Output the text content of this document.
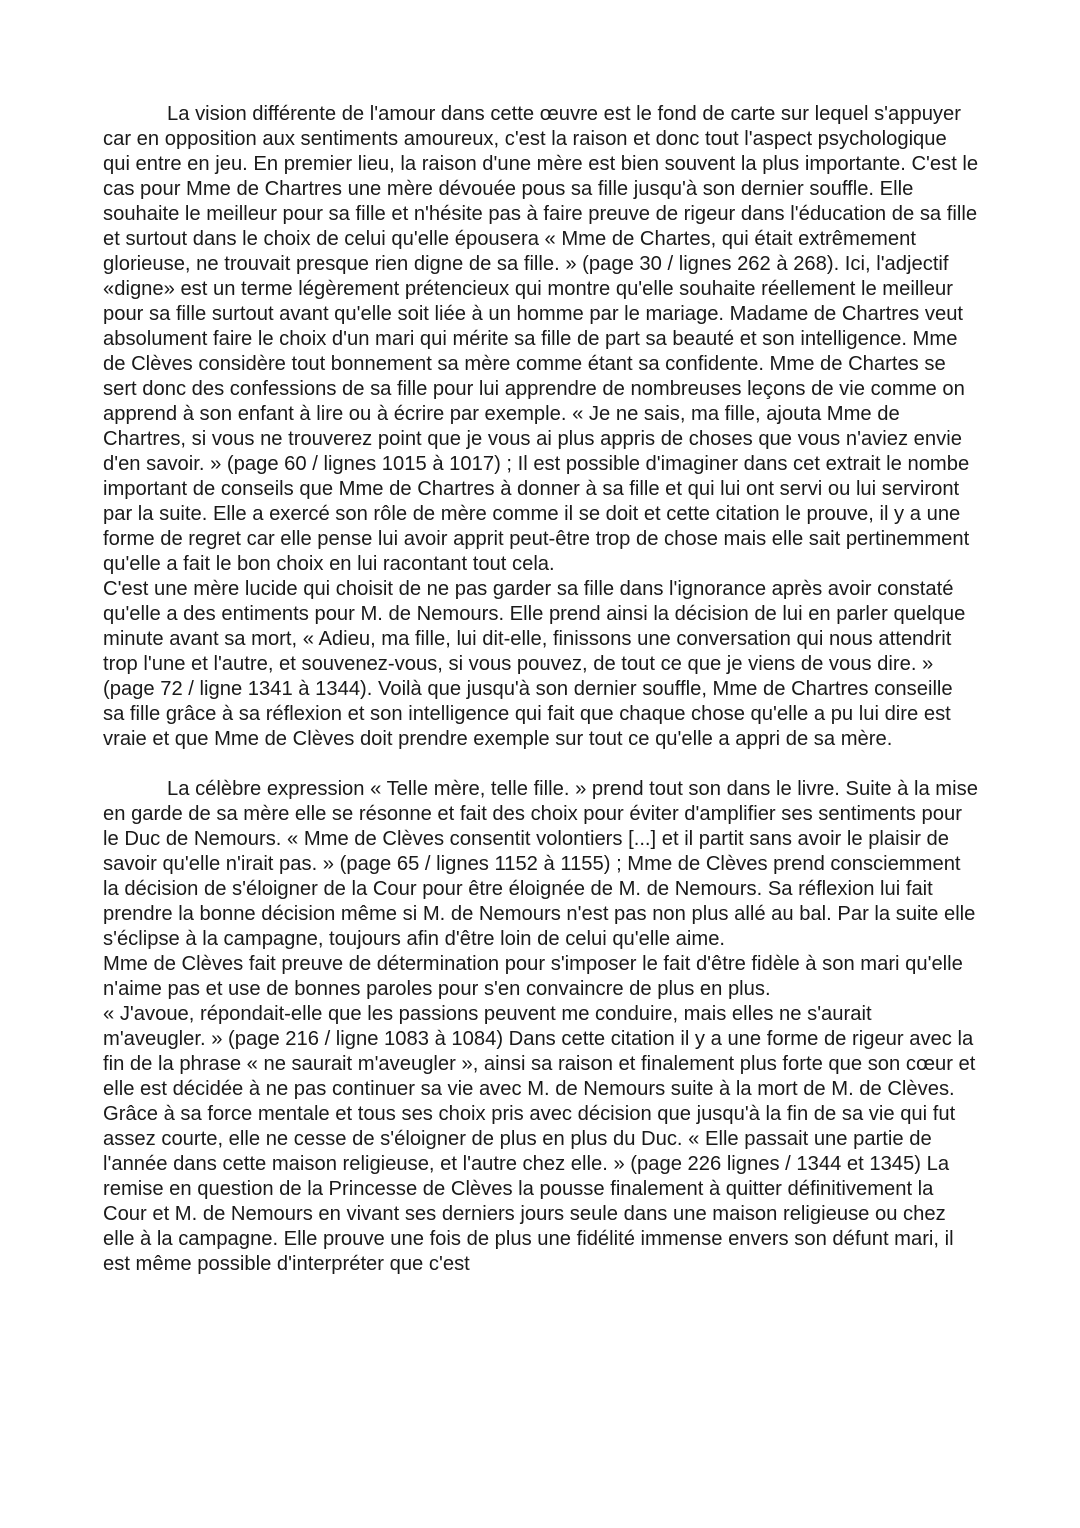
La vision différente de l'amour dans cette œuvre est le fond de carte sur lequel s'appuyer car en opposition aux sentiments amoureux, c'est la raison et donc tout l'aspect psychologique qui entre en jeu. En premier lieu, la raison d'une mère est bien souvent la plus importante. C'est le cas pour Mme de Chartres une mère dévouée pous sa fille jusqu'à son dernier souffle. Elle souhaite le meilleur pour sa fille et n'hésite pas à faire preuve de rigeur dans l'éducation de sa fille et surtout dans le choix de celui qu'elle épousera « Mme de Chartes, qui était extrêmement glorieuse, ne trouvait presque rien digne de sa fille. » (page 30 / lignes 262 à 268). Ici, l'adjectif «digne» est un terme légèrement prétencieux qui montre qu'elle souhaite réellement le meilleur pour sa fille surtout avant qu'elle soit liée à un homme par le mariage. Madame de Chartres veut absolument faire le choix d'un mari qui mérite sa fille de part sa beauté et son intelligence. Mme de Clèves considère tout bonnement sa mère comme étant sa confidente. Mme de Chartes se sert donc des confessions de sa fille pour lui apprendre de nombreuses leçons de vie comme on apprend à son enfant à lire ou à écrire par exemple. « Je ne sais, ma fille, ajouta Mme de Chartres, si vous ne trouverez point que je vous ai plus appris de choses que vous n'aviez envie d'en savoir. » (page 60 / lignes 1015 à 1017) ; Il est possible d'imaginer dans cet extrait le nombe important de conseils que Mme de Chartres à donner à sa fille et qui lui ont servi ou lui serviront par la suite. Elle a exercé son rôle de mère comme il se doit et cette citation le prouve, il y a une forme de regret car elle pense lui avoir apprit peut-être trop de chose mais elle sait pertinemment qu'elle a fait le bon choix en lui racontant tout cela.

C'est une mère lucide qui choisit de ne pas garder sa fille dans l'ignorance après avoir constaté qu'elle a des entiments pour M. de Nemours. Elle prend ainsi la décision de lui en parler quelque minute avant sa mort, « Adieu, ma fille, lui dit-elle, finissons une conversation qui nous attendrit trop l'une et l'autre, et souvenez-vous, si vous pouvez, de tout ce que je viens de vous dire. » (page 72 / ligne 1341 à 1344). Voilà que jusqu'à son dernier souffle, Mme de Chartres conseille sa fille grâce à sa réflexion et son intelligence qui fait que chaque chose qu'elle a pu lui dire est vraie et que Mme de Clèves doit prendre exemple sur tout ce qu'elle a appri de sa mère.

La célèbre expression « Telle mère, telle fille. » prend tout son dans le livre. Suite à la mise en garde de sa mère elle se résonne et fait des choix pour éviter d'amplifier ses sentiments pour le Duc de Nemours. « Mme de Clèves consentit volontiers [...] et il partit sans avoir le plaisir de savoir qu'elle n'irait pas. » (page 65 / lignes 1152 à 1155) ; Mme de Clèves prend consciemment la décision de s'éloigner de la Cour pour être éloignée de M. de Nemours. Sa réflexion lui fait prendre la bonne décision même si M. de Nemours n'est pas non plus allé au bal. Par la suite elle s'éclipse à la campagne, toujours afin d'être loin de celui qu'elle aime.

Mme de Clèves fait preuve de détermination pour s'imposer le fait d'être fidèle à son mari qu'elle n'aime pas et use de bonnes paroles pour s'en convaincre de plus en plus.

« J'avoue, répondait-elle que les passions peuvent me conduire, mais elles ne s'aurait m'aveugler. » (page 216 / ligne 1083 à 1084) Dans cette citation il y a une forme de rigeur avec la fin de la phrase « ne saurait m'aveugler », ainsi sa raison et finalement plus forte que son cœur et elle est décidée à ne pas continuer sa vie avec M. de Nemours suite à la mort de M. de Clèves.

Grâce à sa force mentale et tous ses choix pris avec décision que jusqu'à la fin de sa vie qui fut assez courte, elle ne cesse de s'éloigner de plus en plus du Duc. « Elle passait une partie de l'année dans cette maison religieuse, et l'autre chez elle. » (page 226 lignes / 1344 et 1345) La remise en question de la Princesse de Clèves la pousse finalement à quitter définitivement la Cour et M. de Nemours en vivant ses derniers jours seule dans une maison religieuse ou chez elle à la campagne. Elle prouve une fois de plus une fidélité immense envers son défunt mari, il est même possible d'interpréter que c'est
